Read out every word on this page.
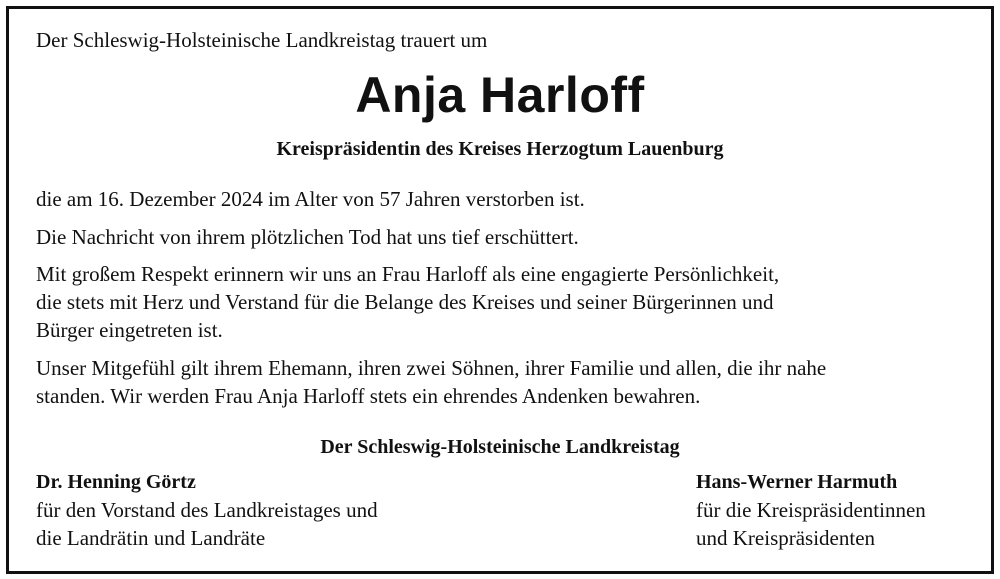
Der Schleswig-Holsteinische Landkreistag trauert um
Anja Harloff
Kreispräsidentin des Kreises Herzogtum Lauenburg
die am 16. Dezember 2024 im Alter von 57 Jahren verstorben ist.
Die Nachricht von ihrem plötzlichen Tod hat uns tief erschüttert.
Mit großem Respekt erinnern wir uns an Frau Harloff als eine engagierte Persönlichkeit,
die stets mit Herz und Verstand für die Belange des Kreises und seiner Bürgerinnen und
Bürger eingetreten ist.
Unser Mitgefühl gilt ihrem Ehemann, ihren zwei Söhnen, ihrer Familie und allen, die ihr nahe
standen. Wir werden Frau Anja Harloff stets ein ehrendes Andenken bewahren.
Der Schleswig-Holsteinische Landkreistag
Dr. Henning Görtz
für den Vorstand des Landkreistages und
die Landrätin und Landräte
Hans-Werner Harmuth
für die Kreispräsidentinnen
und Kreispräsidenten
